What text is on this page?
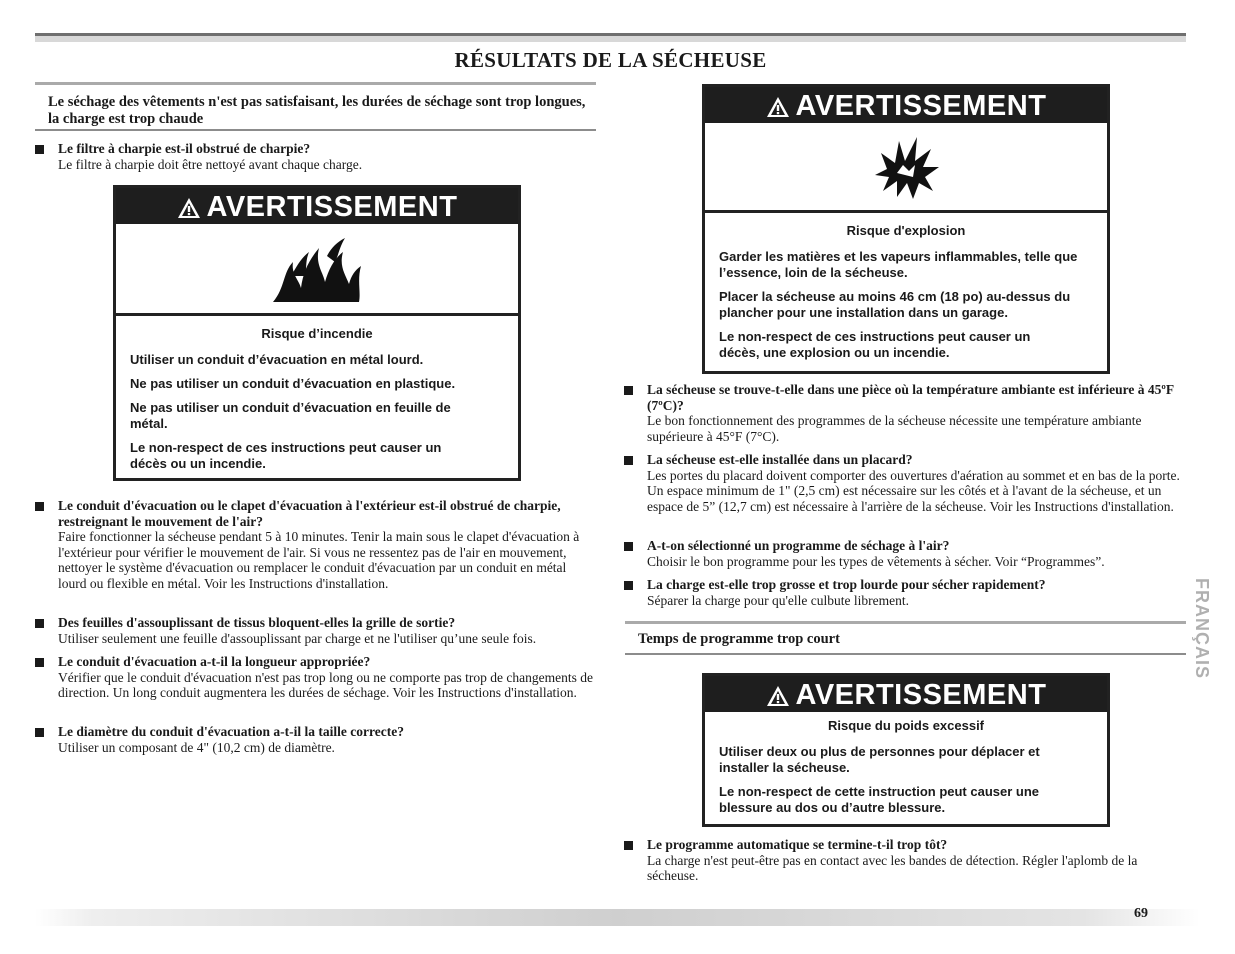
RÉSULTATS DE LA SÉCHEUSE
Le séchage des vêtements n'est pas satisfaisant, les durées de séchage sont trop longues, la charge est trop chaude
Le filtre à charpie est-il obstrué de charpie?
Le filtre à charpie doit être nettoyé avant chaque charge.
AVERTISSEMENT
Risque d’incendie

Utiliser un conduit d’évacuation en métal lourd.

Ne pas utiliser un conduit d’évacuation en plastique.

Ne pas utiliser un conduit d’évacuation en feuille de métal.

Le non-respect de ces instructions peut causer un décès ou un incendie.

Le conduit d'évacuation ou le clapet d'évacuation à l'extérieur est-il obstrué de charpie, restreignant le mouvement de l'air?
Faire fonctionner la sécheuse pendant 5 à 10 minutes. Tenir la main sous le clapet d'évacuation à l'extérieur pour vérifier le mouvement de l'air. Si vous ne ressentez pas de l'air en mouvement, nettoyer le système d'évacuation ou remplacer le conduit d'évacuation par un conduit en métal lourd ou flexible en métal. Voir les Instructions d'installation.
Des feuilles d'assouplissant de tissus bloquent-elles la grille de sortie?
Utiliser seulement une feuille d'assouplissant par charge et ne l'utiliser qu’une seule fois.
Le conduit d'évacuation a-t-il la longueur appropriée?
Vérifier que le conduit d'évacuation n'est pas trop long ou ne comporte pas trop de changements de direction. Un long conduit augmentera les durées de séchage. Voir les Instructions d'installation.
Le diamètre du conduit d'évacuation a-t-il la taille correcte?
Utiliser un composant de 4" (10,2 cm) de diamètre.
AVERTISSEMENT
Risque d'explosion

Garder les matières et les vapeurs inflammables, telle que l’essence, loin de la sécheuse.

Placer la sécheuse au moins 46 cm (18 po) au-dessus du plancher pour une installation dans un garage.

Le non-respect de ces instructions peut causer un décès, une explosion ou un incendie.

La sécheuse se trouve-t-elle dans une pièce où la température ambiante est inférieure à 45ºF (7ºC)?
Le bon fonctionnement des programmes de la sécheuse nécessite une température ambiante supérieure à 45°F (7°C).
La sécheuse est-elle installée dans un placard?
Les portes du placard doivent comporter des ouvertures d'aération au sommet et en bas de la porte. Un espace minimum de 1" (2,5 cm) est nécessaire sur les côtés et à l'avant de la sécheuse, et un espace de 5” (12,7 cm) est nécessaire à l'arrière de la sécheuse. Voir les Instructions d'installation.
A-t-on sélectionné un programme de séchage à l'air?
Choisir le bon programme pour les types de vêtements à sécher. Voir “Programmes”.
La charge est-elle trop grosse et trop lourde pour sécher rapidement?
Séparer la charge pour qu'elle culbute librement.
Temps de programme trop court
AVERTISSEMENT
Risque du poids excessif

Utiliser deux ou plus de personnes pour déplacer et installer la sécheuse.

Le non-respect de cette instruction peut causer une blessure au dos ou d’autre blessure.

Le programme automatique se termine-t-il trop tôt?
La charge n'est peut-être pas en contact avec les bandes de détection. Régler l'aplomb de la sécheuse.
FRANÇAIS
69
